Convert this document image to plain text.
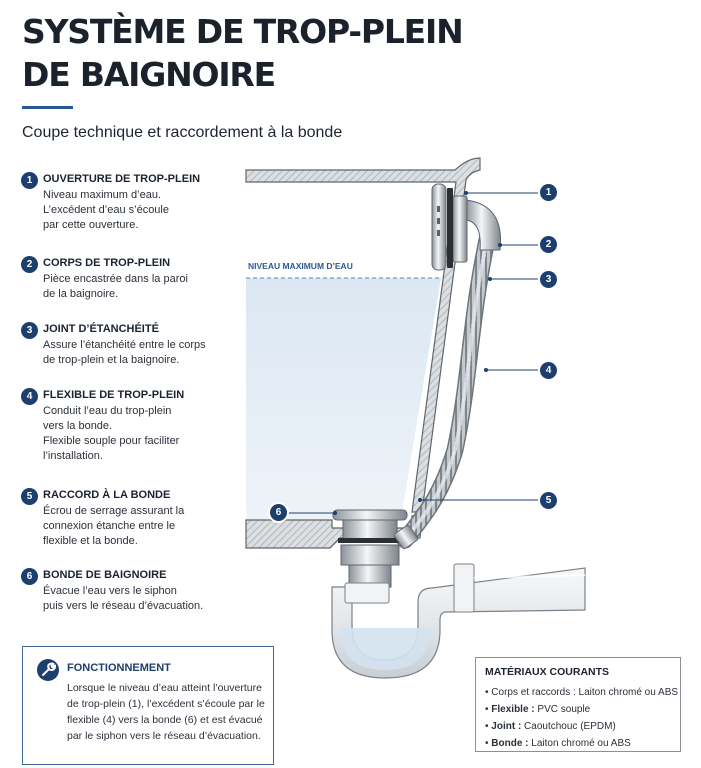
SYSTÈME DE TROP-PLEIN
DE BAIGNOIRE
Coupe technique et raccordement à la bonde
1 OUVERTURE DE TROP-PLEIN
Niveau maximum d’eau.
L’excédent d’eau s’écoule
par cette ouverture.
2 CORPS DE TROP-PLEIN
Pièce encastrée dans la paroi
de la baignoire.
3 JOINT D’ÉTANCHÉITÉ
Assure l’étanchéité entre le corps
de trop-plein et la baignoire.
4 FLEXIBLE DE TROP-PLEIN
Conduit l’eau du trop-plein
vers la bonde.
Flexible souple pour faciliter
l’installation.
5 RACCORD À LA BONDE
Écrou de serrage assurant la
connexion étanche entre le
flexible et la bonde.
6 BONDE DE BAIGNOIRE
Évacue l’eau vers le siphon
puis vers le réseau d’évacuation.
NIVEAU MAXIMUM D’EAU
1
2
3
4
5
6
FONCTIONNEMENT
Lorsque le niveau d’eau atteint l’ouverture de trop-plein (1), l’excédent s’écoule par le flexible (4) vers la bonde (6) et est évacué par le siphon vers le réseau d’évacuation.
MATÉRIAUX COURANTS
• Corps et raccords : Laiton chromé ou ABS
• Flexible : PVC souple
• Joint : Caoutchouc (EPDM)
• Bonde : Laiton chromé ou ABS
